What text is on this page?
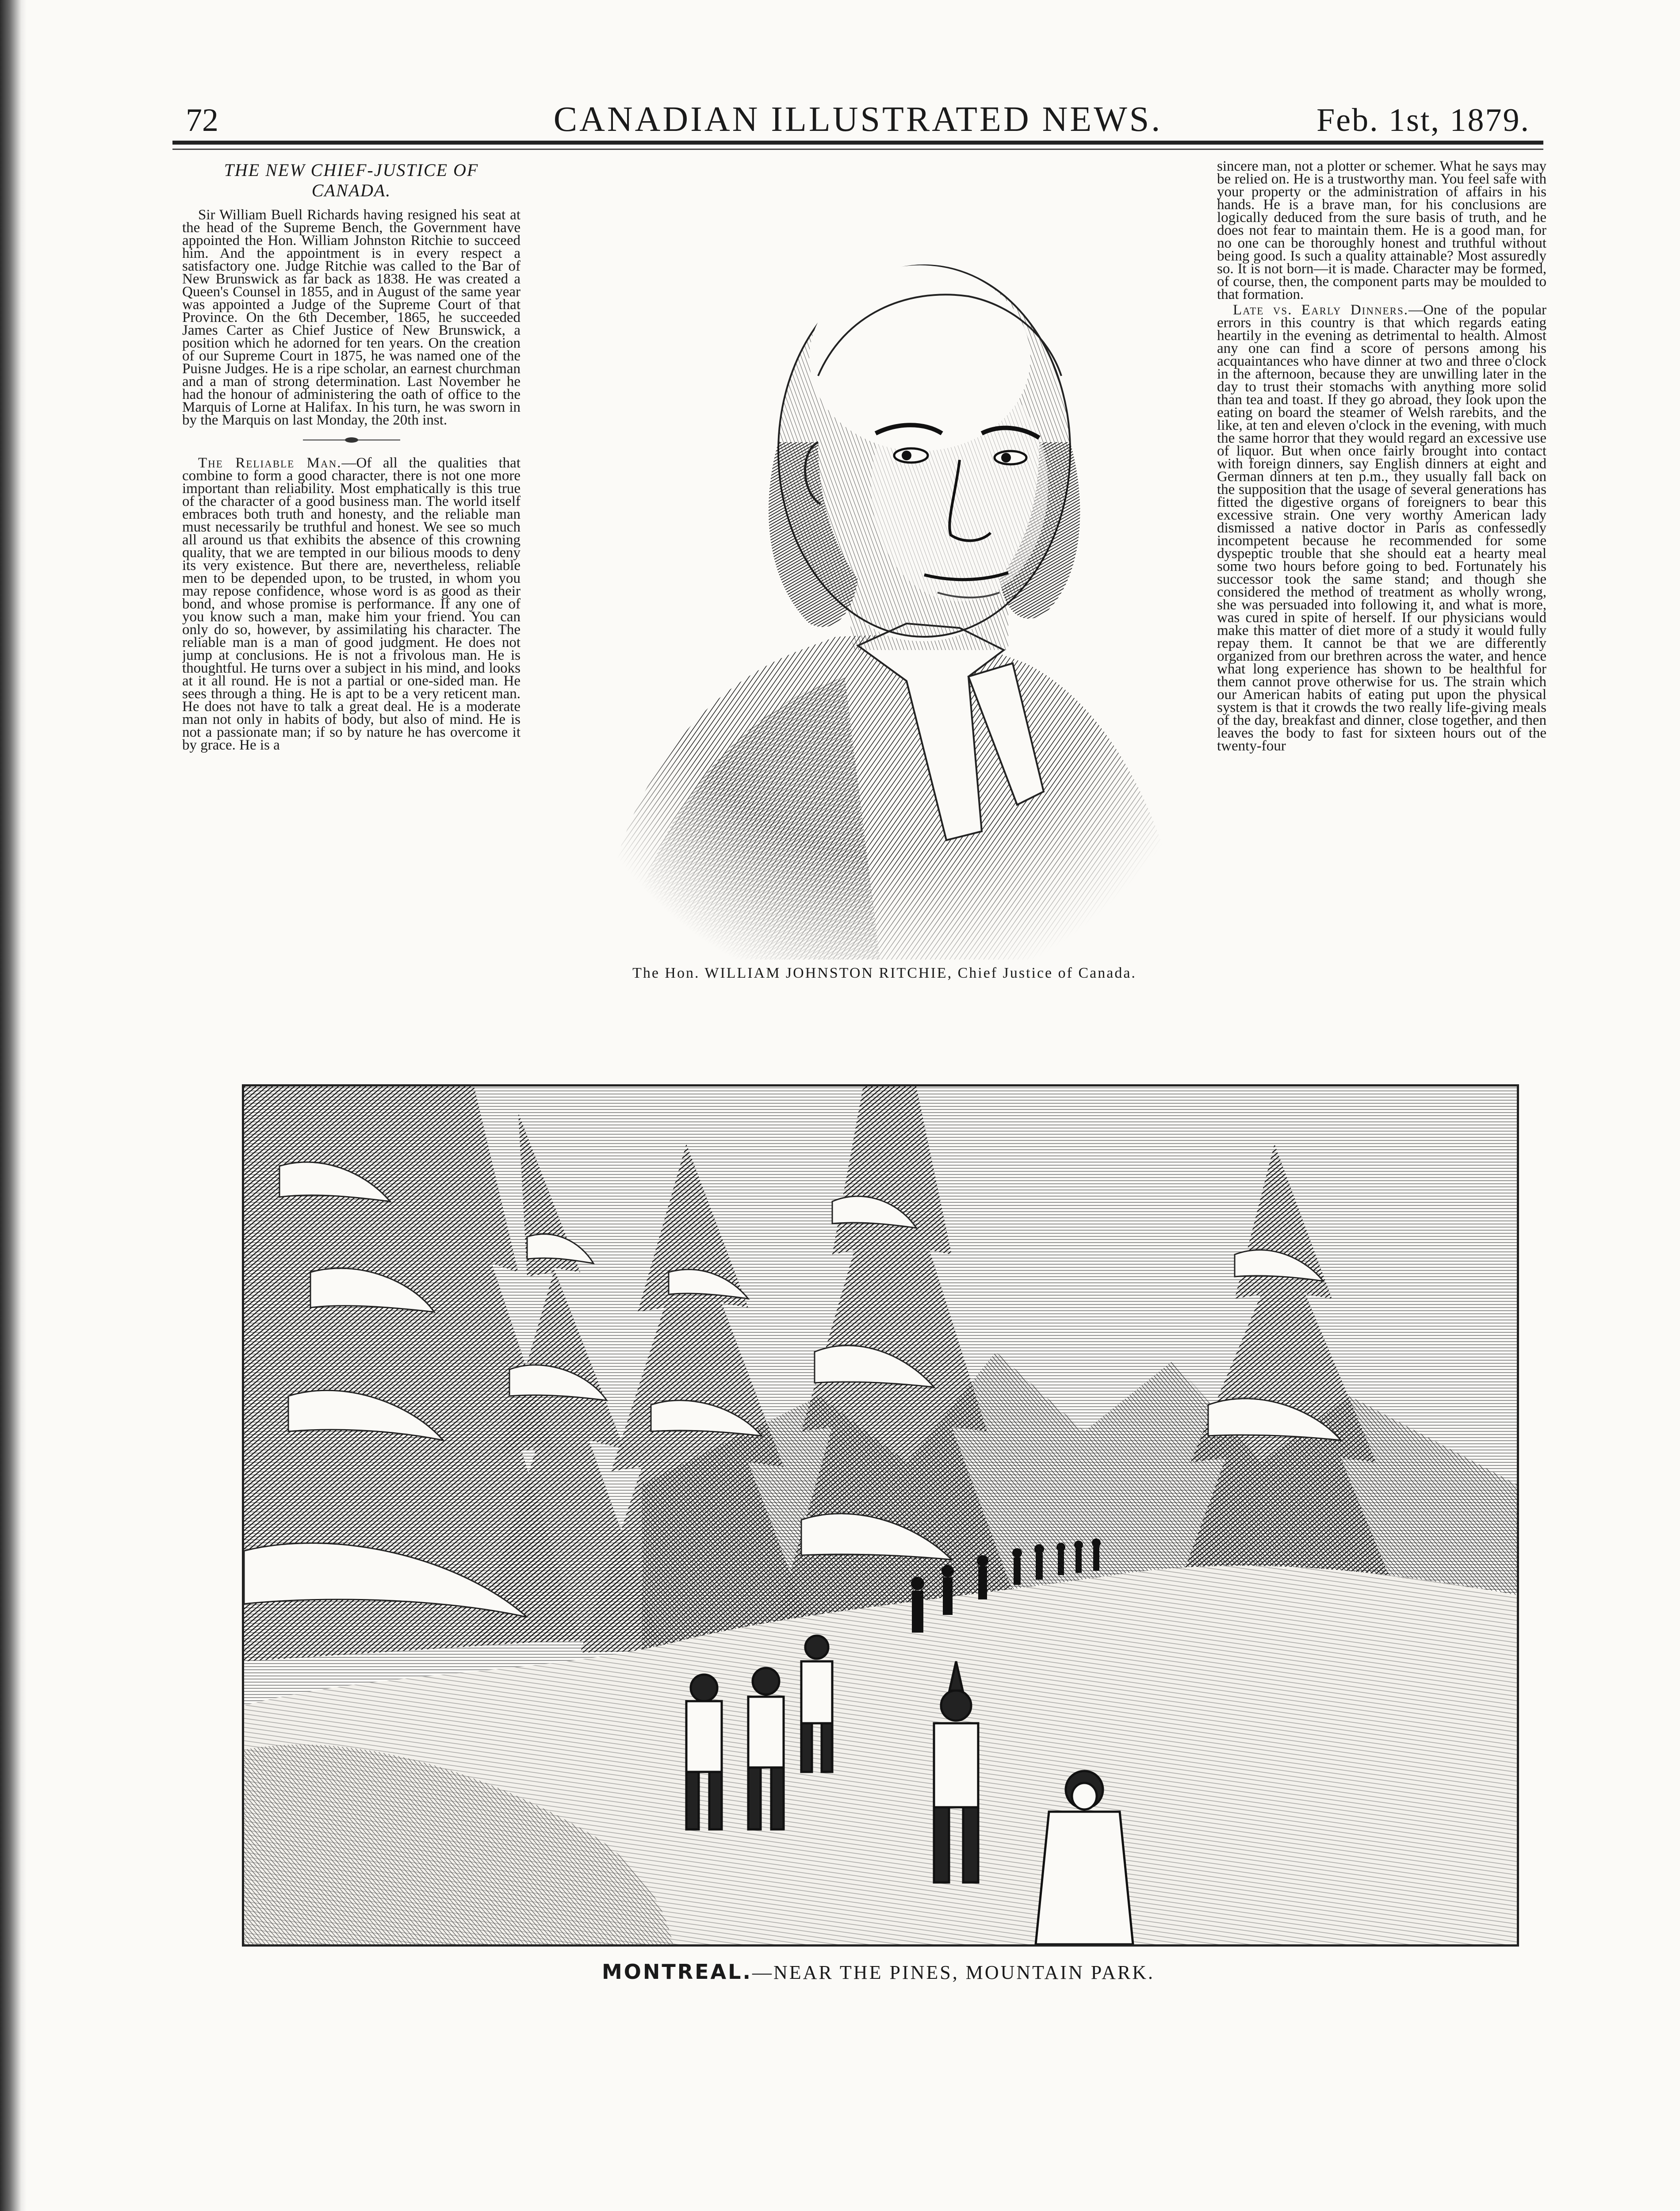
72	CANADIAN ILLUSTRATED NEWS.	Feb. 1st, 1879.
THE NEW CHIEF-JUSTICE OF
CANADA.

Sir William Buell Richards having resigned his seat at the head of the Supreme Bench, the Government have appointed the Hon. William Johnston Ritchie to succeed him. And the appointment is in every respect a satisfactory one. Judge Ritchie was called to the Bar of New Brunswick as far back as 1838. He was created a Queen's Counsel in 1855, and in August of the same year was appointed a Judge of the Supreme Court of that Province. On the 6th December, 1865, he succeeded James Carter as Chief Justice of New Brunswick, a position which he adorned for ten years. On the creation of our Supreme Court in 1875, he was named one of the Puisne Judges. He is a ripe scholar, an earnest churchman and a man of strong determination. Last November he had the honour of administering the oath of office to the Marquis of Lorne at Halifax. In his turn, he was sworn in by the Marquis on last Monday, the 20th inst.

The Reliable Man.—Of all the qualities that combine to form a good character, there is not one more important than reliability. Most emphatically is this true of the character of a good business man. The world itself embraces both truth and honesty, and the reliable man must necessarily be truthful and honest. We see so much all around us that exhibits the absence of this crowning quality, that we are tempted in our bilious moods to deny its very existence. But there are, nevertheless, reliable men to be depended upon, to be trusted, in whom you may repose confidence, whose word is as good as their bond, and whose promise is performance. If any one of you know such a man, make him your friend. You can only do so, however, by assimilating his character. The reliable man is a man of good judgment. He does not jump at conclusions. He is not a frivolous man. He is thoughtful. He turns over a subject in his mind, and looks at it all round. He is not a partial or one-sided man. He sees through a thing. He is apt to be a very reticent man. He does not have to talk a great deal. He is a moderate man not only in habits of body, but also of mind. He is not a passionate man; if so by nature he has overcome it by grace. He is a

sincere man, not a plotter or schemer. What he says may be relied on. He is a trustworthy man. You feel safe with your property or the administration of affairs in his hands. He is a brave man, for his conclusions are logically deduced from the sure basis of truth, and he does not fear to maintain them. He is a good man, for no one can be thoroughly honest and truthful without being good. Is such a quality attainable? Most assuredly so. It is not born—it is made. Character may be formed, of course, then, the component parts may be moulded to that formation.

Late vs. Early Dinners.—One of the popular errors in this country is that which regards eating heartily in the evening as detrimental to health. Almost any one can find a score of persons among his acquaintances who have dinner at two and three o'clock in the afternoon, because they are unwilling later in the day to trust their stomachs with anything more solid than tea and toast. If they go abroad, they look upon the eating on board the steamer of Welsh rarebits, and the like, at ten and eleven o'clock in the evening, with much the same horror that they would regard an excessive use of liquor. But when once fairly brought into contact with foreign dinners, say English dinners at eight and German dinners at ten p.m., they usually fall back on the supposition that the usage of several generations has fitted the digestive organs of foreigners to bear this excessive strain. One very worthy American lady dismissed a native doctor in Paris as confessedly incompetent because he recommended for some dyspeptic trouble that she should eat a hearty meal some two hours before going to bed. Fortunately his successor took the same stand; and though she considered the method of treatment as wholly wrong, she was persuaded into following it, and what is more, was cured in spite of herself. If our physicians would make this matter of diet more of a study it would fully repay them. It cannot be that we are differently organized from our brethren across the water, and hence what long experience has shown to be healthful for them cannot prove otherwise for us. The strain which our American habits of eating put upon the physical system is that it crowds the two really life-giving meals of the day, breakfast and dinner, close together, and then leaves the body to fast for sixteen hours out of the twenty-four

The Hon. WILLIAM JOHNSTON RITCHIE, Chief Justice of Canada.
MONTREAL.—NEAR THE PINES, MOUNTAIN PARK.
